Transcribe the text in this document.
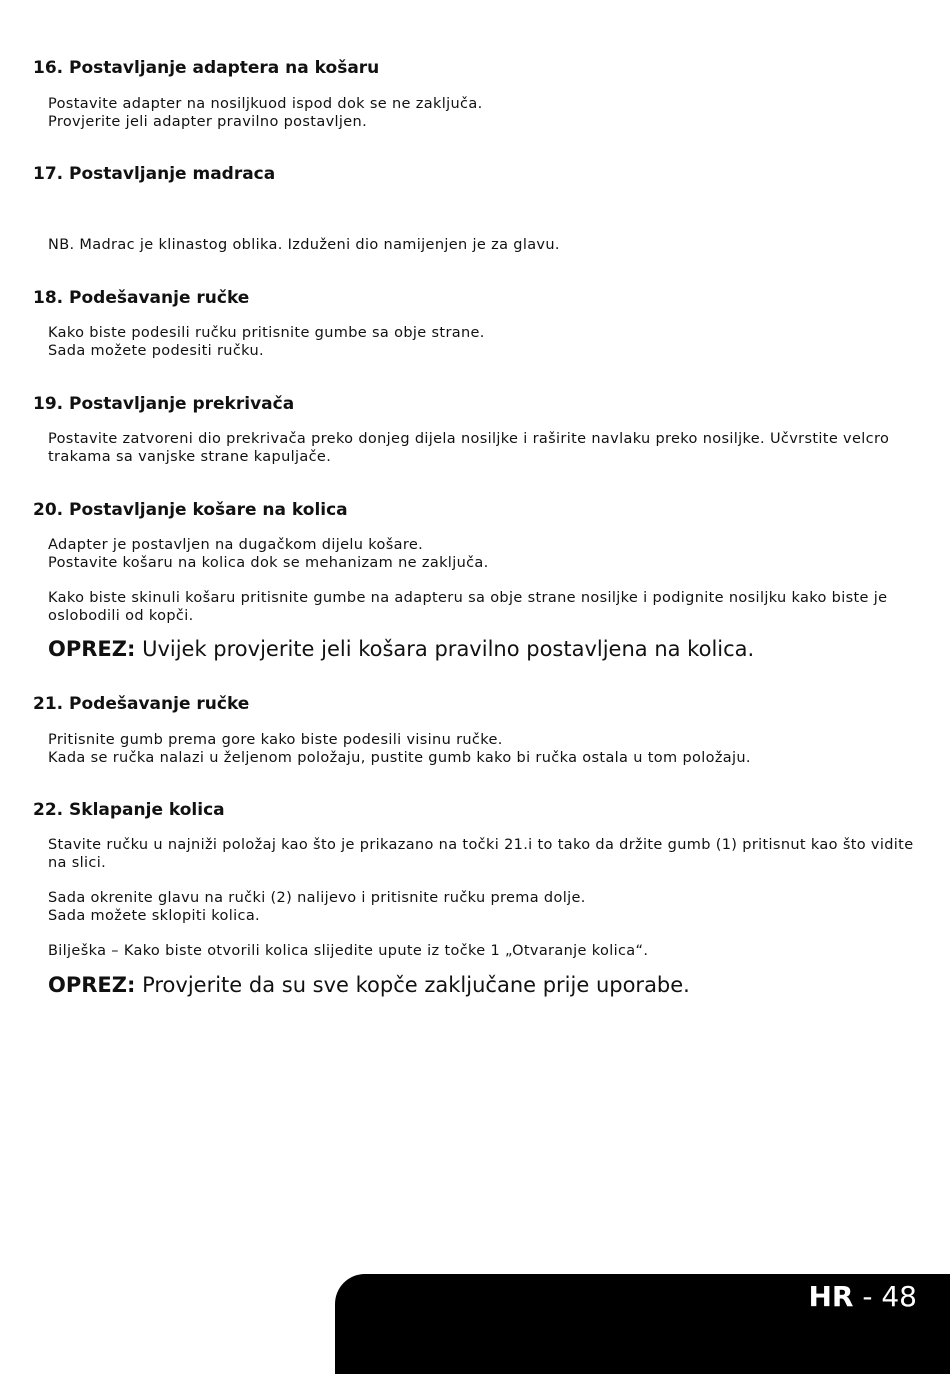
16. Postavljanje adaptera na košaru

Postavite adapter na nosiljkuod ispod dok se ne zaključa.
Provjerite jeli adapter pravilno postavljen.

17. Postavljanje madraca

NB. Madrac je klinastog oblika. Izduženi dio namijenjen je za glavu.

18. Podešavanje ručke

Kako biste podesili ručku pritisnite gumbe sa obje strane.
Sada možete podesiti ručku.

19. Postavljanje prekrivača

Postavite zatvoreni dio prekrivača preko donjeg dijela nosiljke i raširite navlaku preko nosiljke. Učvrstite velcro trakama sa vanjske strane kapuljače.

20. Postavljanje košare na kolica

Adapter je postavljen na dugačkom dijelu košare.
Postavite košaru na kolica dok se mehanizam ne zaključa.

Kako biste skinuli košaru pritisnite gumbe na adapteru sa obje strane nosiljke i podignite nosiljku kako biste je oslobodili od kopči.

OPREZ: Uvijek provjerite jeli košara pravilno postavljena na kolica.

21. Podešavanje ručke

Pritisnite gumb prema gore kako biste podesili visinu ručke.
Kada se ručka nalazi u željenom položaju, pustite gumb kako bi ručka ostala u tom položaju.

22. Sklapanje kolica

Stavite ručku u najniži položaj kao što je prikazano na točki 21.i to tako da držite gumb (1) pritisnut kao što vidite na slici.

Sada okrenite glavu na ručki (2) nalijevo i pritisnite ručku prema dolje.
Sada možete sklopiti kolica.

Bilješka – Kako biste otvorili kolica slijedite upute iz točke 1 „Otvaranje kolica“.

OPREZ: Provjerite da su sve kopče zaključane prije uporabe.

HR - 48
